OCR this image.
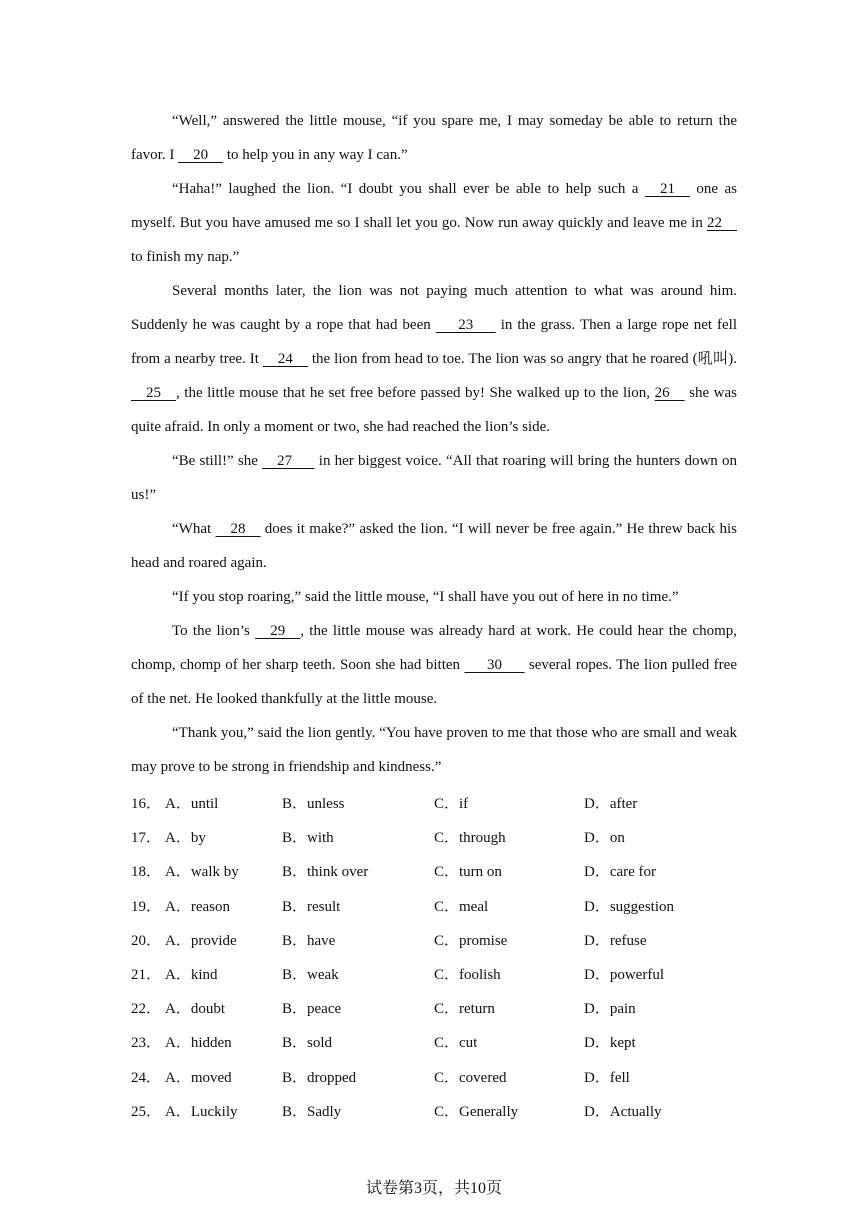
“Well,” answered the little mouse, “if you spare me, I may someday be able to return the favor. I     20     to help you in any way I can.”

“Haha!” laughed the lion. “I doubt you shall ever be able to help such a     21     one as myself. But you have amused me so I shall let you go. Now run away quickly and leave me in 22     to finish my nap.”

Several months later, the lion was not paying much attention to what was around him. Suddenly he was caught by a rope that had been       23       in the grass. Then a large rope net fell from a nearby tree. It     24     the lion from head to toe. The lion was so angry that he roared (吼叫).     25    , the little mouse that he set free before passed by! She walked up to the lion, 26     she was quite afraid. In only a moment or two, she had reached the lion’s side.

“Be still!” she     27       in her biggest voice. “All that roaring will bring the hunters down on us!”

“What     28     does it make?” asked the lion. “I will never be free again.” He threw back his head and roared again.

“If you stop roaring,” said the little mouse, “I shall have you out of here in no time.”

To the lion’s     29    , the little mouse was already hard at work. He could hear the chomp, chomp, chomp of her sharp teeth. Soon she had bitten       30       several ropes. The lion pulled free of the net. He looked thankfully at the little mouse.

“Thank you,” said the lion gently. “You have proven to me that those who are small and weak may prove to be strong in friendship and kindness.”

16． A．until	B．unless	C．if	D．after
17． A．by	B．with	C．through	D．on
18． A．walk by	B．think over	C．turn on	D．care for
19． A．reason	B．result	C．meal	D．suggestion
20． A．provide	B．have	C．promise	D．refuse
21． A．kind	B．weak	C．foolish	D．powerful
22． A．doubt	B．peace	C．return	D．pain
23． A．hidden	B．sold	C．cut	D．kept
24． A．moved	B．dropped	C．covered	D．fell
25． A．Luckily	B．Sadly	C．Generally	D．Actually
试卷第3页，共10页
